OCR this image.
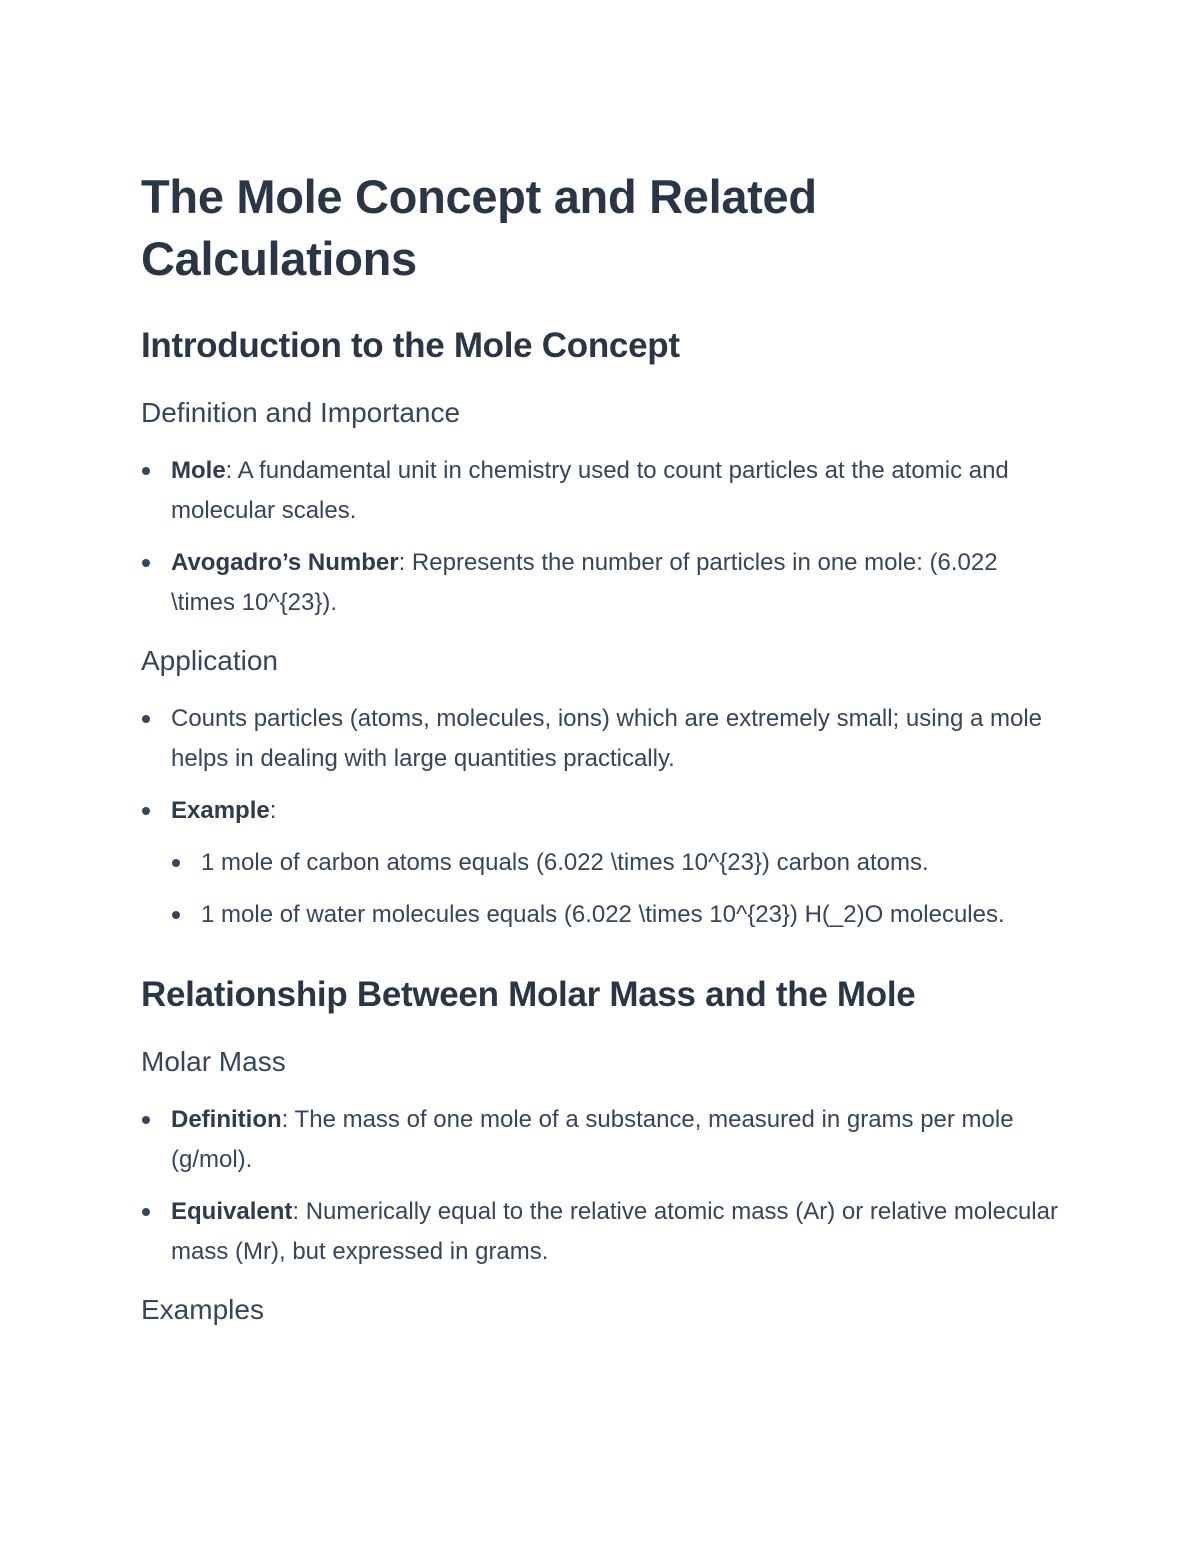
The Mole Concept and Related Calculations
Introduction to the Mole Concept
Definition and Importance
Mole: A fundamental unit in chemistry used to count particles at the atomic and molecular scales.
Avogadro’s Number: Represents the number of particles in one mole: (6.022 \times 10^{23}).
Application
Counts particles (atoms, molecules, ions) which are extremely small; using a mole helps in dealing with large quantities practically.
Example:
1 mole of carbon atoms equals (6.022 \times 10^{23}) carbon atoms.
1 mole of water molecules equals (6.022 \times 10^{23}) H(_2)O molecules.
Relationship Between Molar Mass and the Mole
Molar Mass
Definition: The mass of one mole of a substance, measured in grams per mole (g/mol).
Equivalent: Numerically equal to the relative atomic mass (Ar) or relative molecular mass (Mr), but expressed in grams.
Examples
